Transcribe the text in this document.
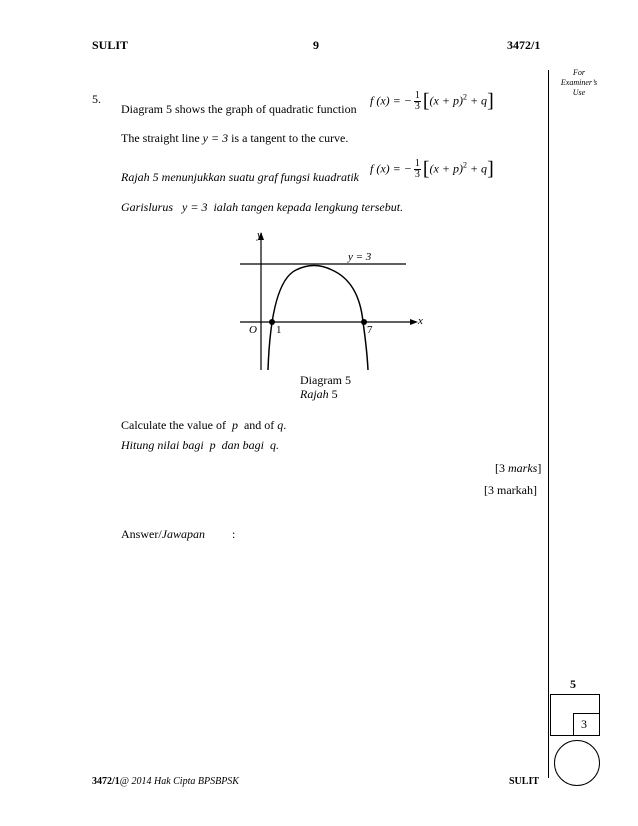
SULIT	9	3472/1
For
Examiner’s
Use
5.
Diagram 5 shows the graph of quadratic function
f (x) = − $\frac{1}{3} [(x + p)^2 + q]$
The straight line y = 3 is a tangent to the curve.
Rajah 5 menunjukkan suatu graf fungsi kuadratik
f (x) = − $\frac{1}{3} [(x + p)^2 + q]$
Garislurus y = 3 ialah tangen kepada lengkung tersebut.
y
x
O
y = 3
1	7
Diagram 5
Rajah 5
Calculate the value of p and of q.
Hitung nilai bagi p dan bagi q.
[3 marks]
[3 markah]
Answer/Jawapan :
5
3
3472/1@ 2014 Hak Cipta BPSBPSK	SULIT
